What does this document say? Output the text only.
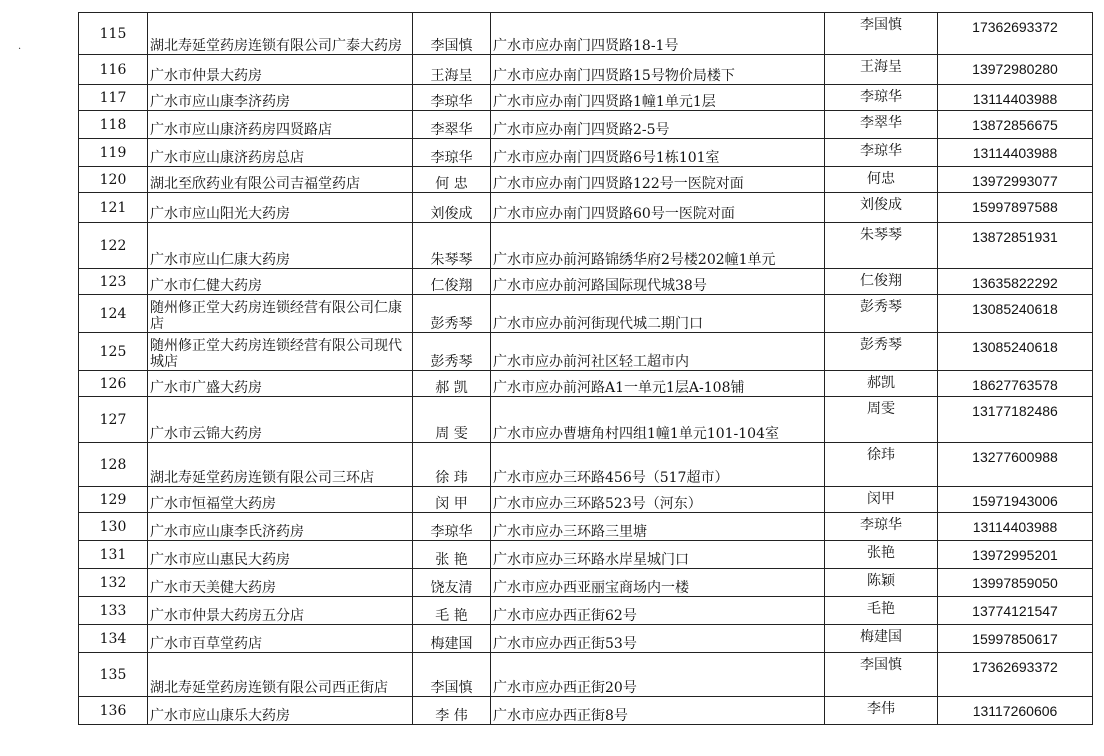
·
115	湖北寿延堂药房连锁有限公司广泰大药房	李国慎	广水市应办南门四贤路18-1号	李国慎	17362693372
116	广水市仲景大药房	王海呈	广水市应办南门四贤路15号物价局楼下	王海呈	13972980280
117	广水市应山康李济药房	李琼华	广水市应办南门四贤路1幢1单元1层	李琼华	13114403988
118	广水市应山康济药房四贤路店	李翠华	广水市应办南门四贤路2-5号	李翠华	13872856675
119	广水市应山康济药房总店	李琼华	广水市应办南门四贤路6号1栋101室	李琼华	13114403988
120	湖北至欣药业有限公司吉福堂药店	何 忠	广水市应办南门四贤路122号一医院对面	何忠	13972993077
121	广水市应山阳光大药房	刘俊成	广水市应办南门四贤路60号一医院对面	刘俊成	15997897588
122	广水市应山仁康大药房	朱琴琴	广水市应办前河路锦绣华府2号楼202幢1单元	朱琴琴	13872851931
123	广水市仁健大药房	仁俊翔	广水市应办前河路国际现代城38号	仁俊翔	13635822292
124	随州修正堂大药房连锁经营有限公司仁康店	彭秀琴	广水市应办前河街现代城二期门口	彭秀琴	13085240618
125	随州修正堂大药房连锁经营有限公司现代城店	彭秀琴	广水市应办前河社区轻工超市内	彭秀琴	13085240618
126	广水市广盛大药房	郝 凯	广水市应办前河路A1一单元1层A-108铺	郝凯	18627763578
127	广水市云锦大药房	周 雯	广水市应办曹塘角村四组1幢1单元101-104室	周雯	13177182486
128	湖北寿延堂药房连锁有限公司三环店	徐 玮	广水市应办三环路456号（517超市）	徐玮	13277600988
129	广水市恒福堂大药房	闵 甲	广水市应办三环路523号（河东）	闵甲	15971943006
130	广水市应山康李氏济药房	李琼华	广水市应办三环路三里塘	李琼华	13114403988
131	广水市应山惠民大药房	张 艳	广水市应办三环路水岸星城门口	张艳	13972995201
132	广水市天美健大药房	饶友清	广水市应办西亚丽宝商场内一楼	陈颖	13997859050
133	广水市仲景大药房五分店	毛 艳	广水市应办西正街62号	毛艳	13774121547
134	广水市百草堂药店	梅建国	广水市应办西正街53号	梅建国	15997850617
135	湖北寿延堂药房连锁有限公司西正街店	李国慎	广水市应办西正街20号	李国慎	17362693372
136	广水市应山康乐大药房	李 伟	广水市应办西正街8号	李伟	13117260606
